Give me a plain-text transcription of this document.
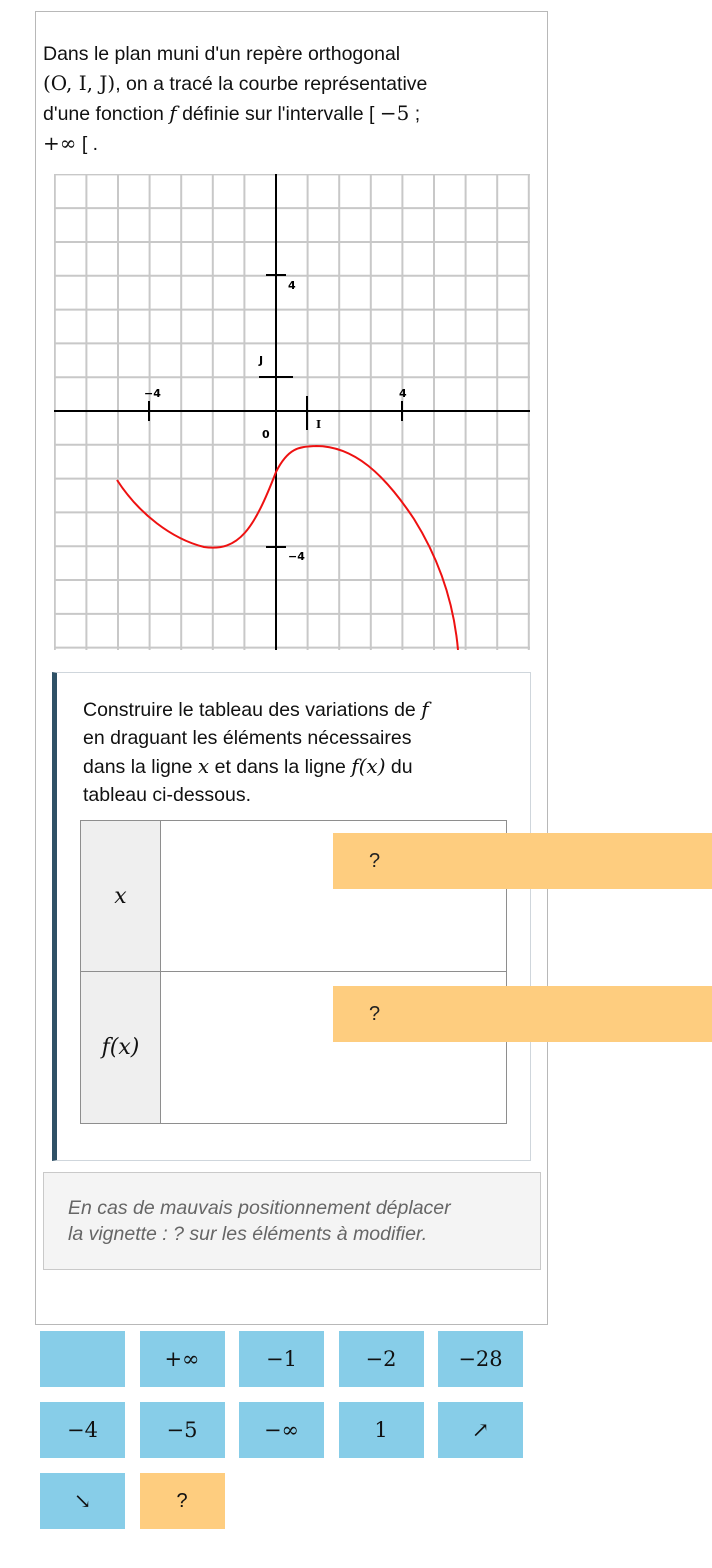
Dans le plan muni d'un repère orthogonal
(O, I, J), on a tracé la courbe représentative
d'une fonction f définie sur l'intervalle [ −5 ;
+∞ [ .
−4	4
4
J
0
I
−4
Construire le tableau des variations de f
en draguant les éléments nécessaires
dans la ligne x et dans la ligne f(x) du
tableau ci-dessous.
x
f(x)
?
?
En cas de mauvais positionnement déplacer
la vignette : ? sur les éléments à modifier.
+∞	−1	−2	−28
−4	−5	−∞	1	↗
↘	?
